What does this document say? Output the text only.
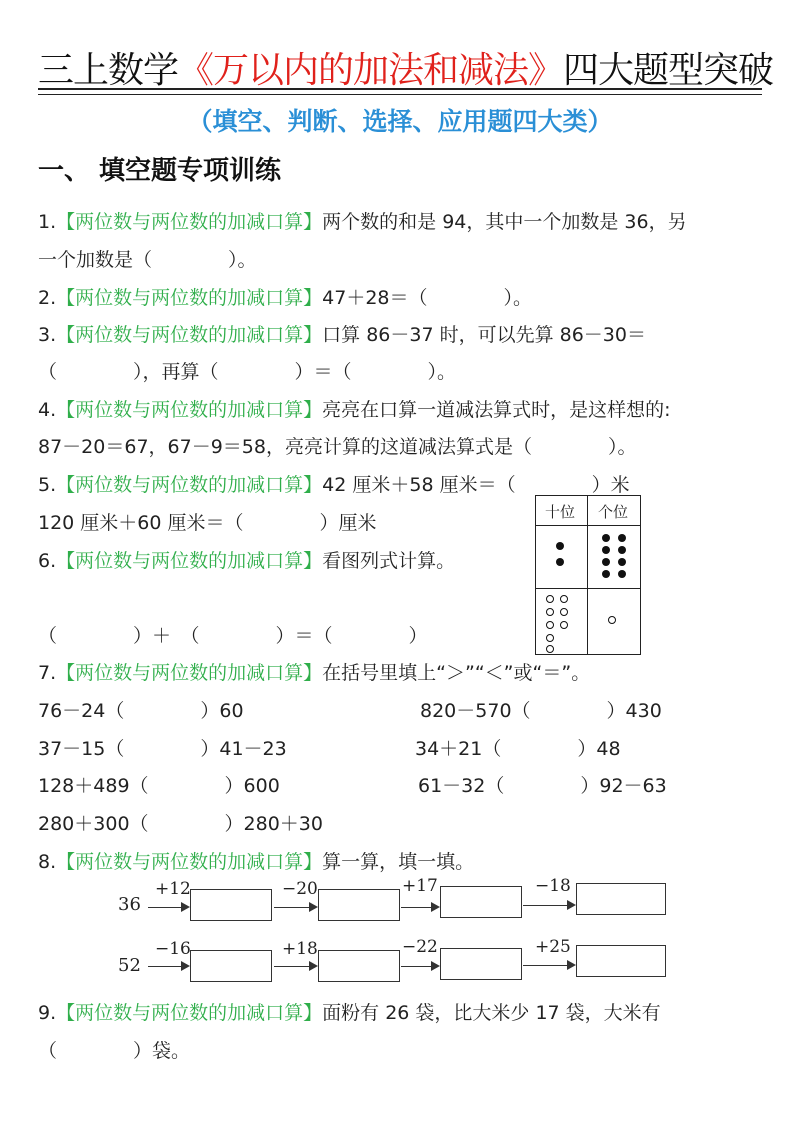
三上数学《万以内的加法和减法》四大题型突破
（填空、判断、选择、应用题四大类）
一、 填空题专项训练
1.【两位数与两位数的加减口算】两个数的和是 94，其中一个加数是 36，另
一个加数是（　　　　）。
2.【两位数与两位数的加减口算】47＋28＝（　　　　）。
3.【两位数与两位数的加减口算】口算 86－37 时，可以先算 86－30＝
（　　　　），再算（　　　　）＝（　　　　）。
4.【两位数与两位数的加减口算】亮亮在口算一道减法算式时，是这样想的:
87－20＝67，67－9＝58，亮亮计算的这道减法算式是（　　　　）。
5.【两位数与两位数的加减口算】42 厘米＋58 厘米＝（　　　　）米
120 厘米＋60 厘米＝（　　　　）厘米
6.【两位数与两位数的加减口算】看图列式计算。
（　　　　）＋　（　　　　）＝（　　　　）
十位 个位
7.【两位数与两位数的加减口算】在括号里填上“＞”“＜”或“＝”。
76－24（　　　　）60	820－570（　　　　）430
37－15（　　　　）41－23	34＋21（　　　　）48
128＋489（　　　　）600	61－32（　　　　）92－63
280＋300（　　　　）280＋30
8.【两位数与两位数的加减口算】算一算，填一填。
36
+12	−20	+17	−18
52
−16	+18	−22	+25
9.【两位数与两位数的加减口算】面粉有 26 袋，比大米少 17 袋，大米有
（　　　　）袋。
